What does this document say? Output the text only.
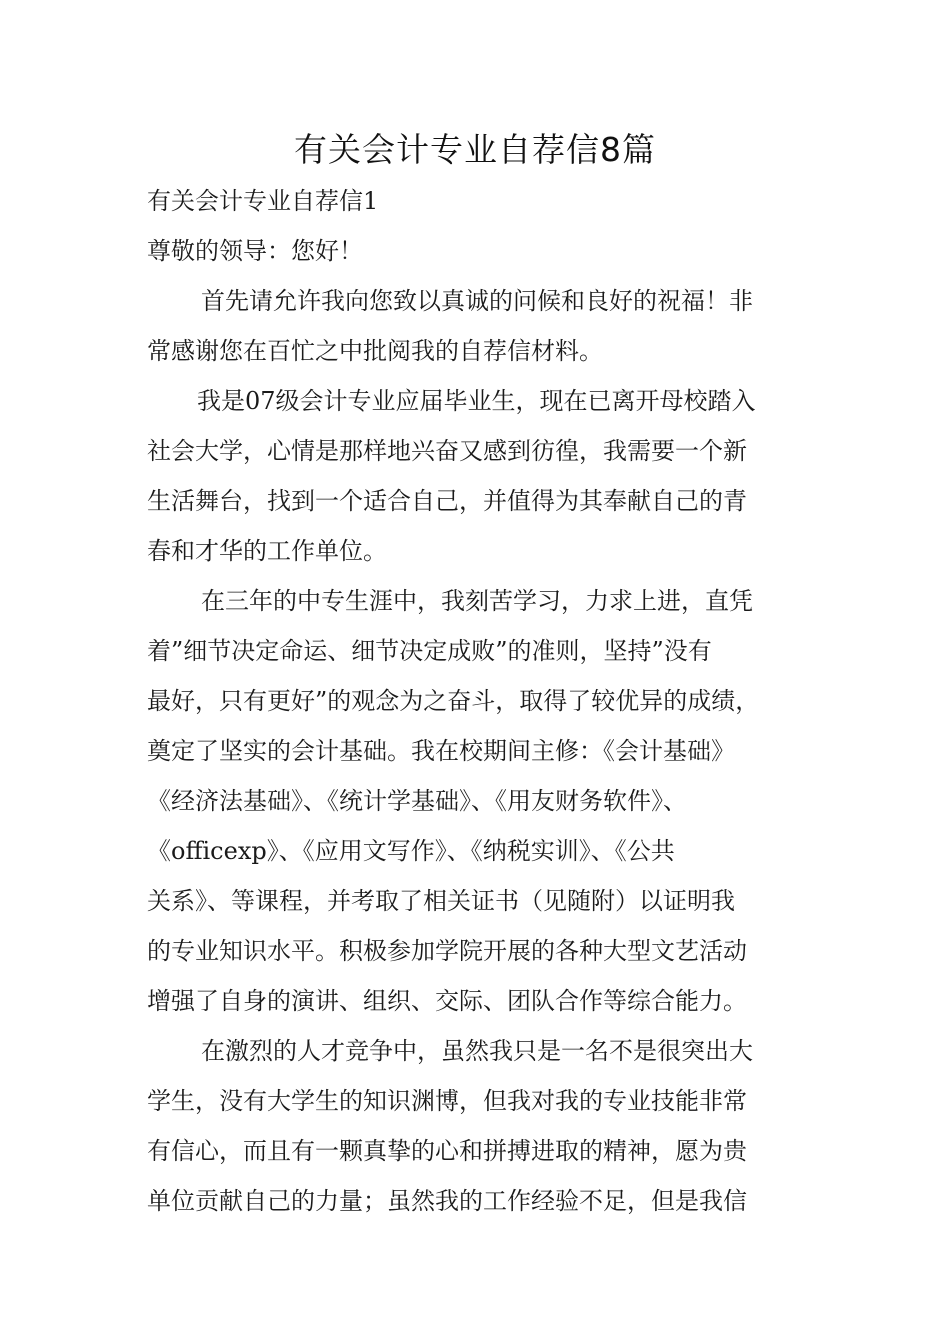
有关会计专业自荐信8篇
有关会计专业自荐信1
尊敬的领导：您好！
首先请允许我向您致以真诚的问候和良好的祝福！非
常感谢您在百忙之中批阅我的自荐信材料。
我是07级会计专业应届毕业生，现在已离开母校踏入
社会大学，心情是那样地兴奋又感到彷徨，我需要一个新
生活舞台，找到一个适合自己，并值得为其奉献自己的青
春和才华的工作单位。
在三年的中专生涯中，我刻苦学习，力求上进，直凭
着”细节决定命运、细节决定成败”的准则，坚持”没有
最好，只有更好”的观念为之奋斗，取得了较优异的成绩，
奠定了坚实的会计基础。我在校期间主修：《会计基础》
《经济法基础》、《统计学基础》、《用友财务软件》、
《officexp》、《应用文写作》、《纳税实训》、《公共
关系》、等课程，并考取了相关证书（见随附）以证明我
的专业知识水平。积极参加学院开展的各种大型文艺活动
增强了自身的演讲、组织、交际、团队合作等综合能力。
在激烈的人才竞争中，虽然我只是一名不是很突出大
学生，没有大学生的知识渊博，但我对我的专业技能非常
有信心，而且有一颗真挚的心和拼搏进取的精神，愿为贵
单位贡献自己的力量；虽然我的工作经验不足，但是我信
